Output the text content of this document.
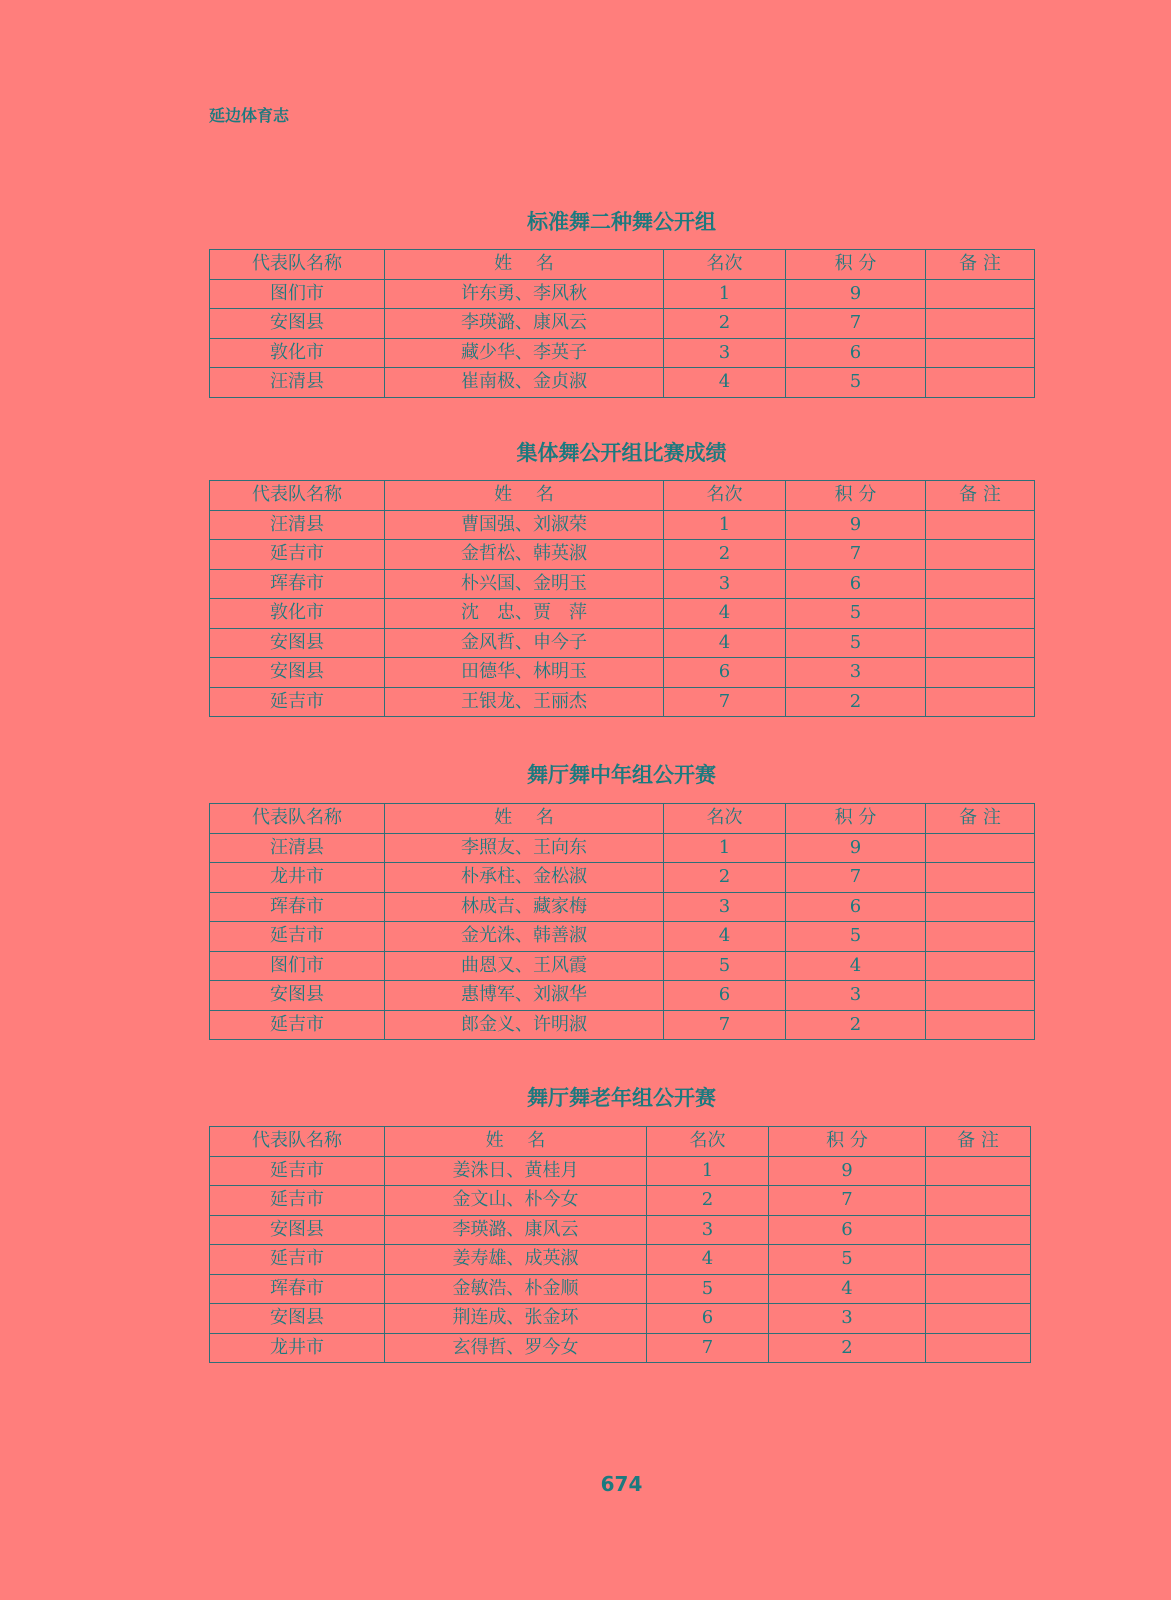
延边体育志
标准舞二种舞公开组
代表队名称	姓　 名	名次	积 分	备 注
图们市	许东勇、李风秋	1	9	
安图县	李瑛潞、康风云	2	7	
敦化市	藏少华、李英子	3	6	
汪清县	崔南极、金贞淑	4	5	
集体舞公开组比赛成绩
代表队名称	姓　 名	名次	积 分	备 注
汪清县	曹国强、刘淑荣	1	9	
延吉市	金哲松、韩英淑	2	7	
珲春市	朴兴国、金明玉	3	6	
敦化市	沈　忠、贾　萍	4	5	
安图县	金风哲、申今子	4	5	
安图县	田德华、林明玉	6	3	
延吉市	王银龙、王丽杰	7	2	
舞厅舞中年组公开赛
代表队名称	姓　 名	名次	积 分	备 注
汪清县	李照友、王向东	1	9	
龙井市	朴承柱、金松淑	2	7	
珲春市	林成吉、藏家梅	3	6	
延吉市	金光洙、韩善淑	4	5	
图们市	曲恩又、王风霞	5	4	
安图县	惠博军、刘淑华	6	3	
延吉市	郎金义、许明淑	7	2	
舞厅舞老年组公开赛
代表队名称	姓　 名	名次	积 分	备 注
延吉市	姜洙日、黄桂月	1	9	
延吉市	金文山、朴今女	2	7	
安图县	李瑛潞、康风云	3	6	
延吉市	姜寿雄、成英淑	4	5	
珲春市	金敏浩、朴金顺	5	4	
安图县	荆连成、张金环	6	3	
龙井市	玄得哲、罗今女	7	2	
674
